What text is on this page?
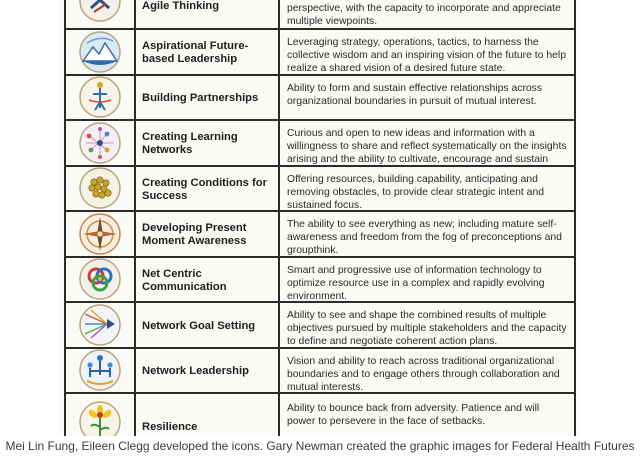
Agile Thinking	perspective, with the capacity to incorporate and appreciate multiple viewpoints.
Aspirational Future-based Leadership
Leveraging strategy, operations, tactics, to harness the collective wisdom and an inspiring vision of the future to help realize a shared vision of a desired future state.
Building Partnerships
Ability to form and sustain effective relationships across organizational boundaries in pursuit of mutual interest.
Creating Learning Networks
Curious and open to new ideas and information with a willingness to share and reflect systematically on the insights arising and the ability to cultivate, encourage and sustain
Creating Conditions for Success
Offering resources, building capability, anticipating and removing obstacles, to provide clear strategic intent and sustained focus.
Developing Present Moment Awareness
The ability to see everything as new; including mature self-awareness and freedom from the fog of preconceptions and groupthink.
Net Centric Communication
Smart and progressive use of information technology to optimize resource use in a complex and rapidly evolving environment.
Network Goal Setting
Ability to see and shape the combined results of multiple objectives pursued by multiple stakeholders and the capacity to define and negotiate coherent action plans.
Network Leadership
Vision and ability to reach across traditional organizational boundaries and to engage others through collaboration and mutual interests.
Resilience
Ability to bounce back from adversity. Patience and will power to persevere in the face of setbacks.
Mei Lin Fung, Eileen Clegg developed the icons. Gary Newman created the graphic images for Federal Health Futures
